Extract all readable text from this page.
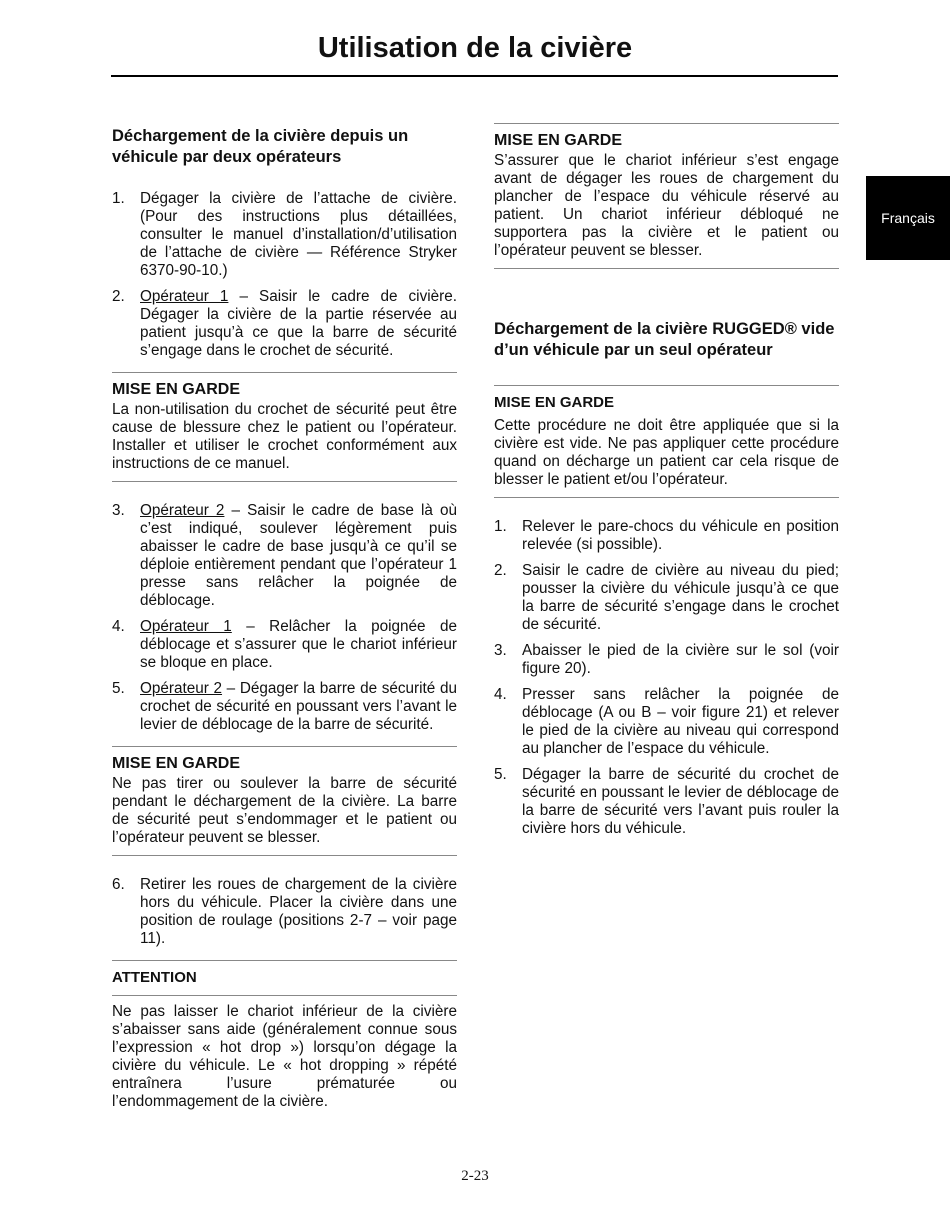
Utilisation de la civière
Français
Déchargement de la civière depuis un véhicule par deux opérateurs
1. Dégager la civière de l’attache de civière. (Pour des instructions plus détaillées, consulter le manuel d’installation/d’utilisation de l’attache de civière — Référence Stryker 6370-90-10.)
2. Opérateur 1 – Saisir le cadre de civière. Dégager la civière de la partie réservée au patient jusqu’à ce que la barre de sécurité s’engage dans le crochet de sécurité.

MISE EN GARDE

La non-utilisation du crochet de sécurité peut être cause de blessure chez le patient ou l’opérateur. Installer et utiliser le crochet conformément aux instructions de ce manuel.

3. Opérateur 2 – Saisir le cadre de base là où c’est indiqué, soulever légèrement puis abaisser le cadre de base jusqu’à ce qu’il se déploie entièrement pendant que l’opérateur 1 presse sans relâcher la poignée de déblocage.
4. Opérateur 1 – Relâcher la poignée de déblocage et s’assurer que le chariot inférieur se bloque en place.
5. Opérateur 2 – Dégager la barre de sécurité du crochet de sécurité en poussant vers l’avant le levier de déblocage de la barre de sécurité.

MISE EN GARDE

Ne pas tirer ou soulever la barre de sécurité pendant le déchargement de la civière. La barre de sécurité peut s’endommager et le patient ou l’opérateur peuvent se blesser.

6. Retirer les roues de chargement de la civière hors du véhicule. Placer la civière dans une position de roulage (positions 2-7 – voir page 11).

ATTENTION

Ne pas laisser le chariot inférieur de la civière s’abaisser sans aide (généralement connue sous l’expression « hot drop ») lorsqu’on dégage la civière du véhicule. Le « hot dropping » répété entraînera l’usure prématurée ou l’endommagement de la civière.

MISE EN GARDE

S’assurer que le chariot inférieur s’est engage avant de dégager les roues de chargement du plancher de l’espace du véhicule réservé au patient. Un chariot inférieur débloqué ne supportera pas la civière et le patient ou l’opérateur peuvent se blesser.

Déchargement de la civière RUGGED® vide d’un véhicule par un seul opérateur

MISE EN GARDE

Cette procédure ne doit être appliquée que si la civière est vide. Ne pas appliquer cette procédure quand on décharge un patient car cela risque de blesser le patient et/ou l’opérateur.

1. Relever le pare-chocs du véhicule en position relevée (si possible).
2. Saisir le cadre de civière au niveau du pied; pousser la civière du véhicule jusqu’à ce que la barre de sécurité s’engage dans le crochet de sécurité.
3. Abaisser le pied de la civière sur le sol (voir figure 20).
4. Presser sans relâcher la poignée de déblocage (A ou B – voir figure 21) et relever le pied de la civière au niveau qui correspond au plancher de l’espace du véhicule.
5. Dégager la barre de sécurité du crochet de sécurité en poussant le levier de déblocage de la barre de sécurité vers l’avant puis rouler la civière hors du véhicule.
2-23
